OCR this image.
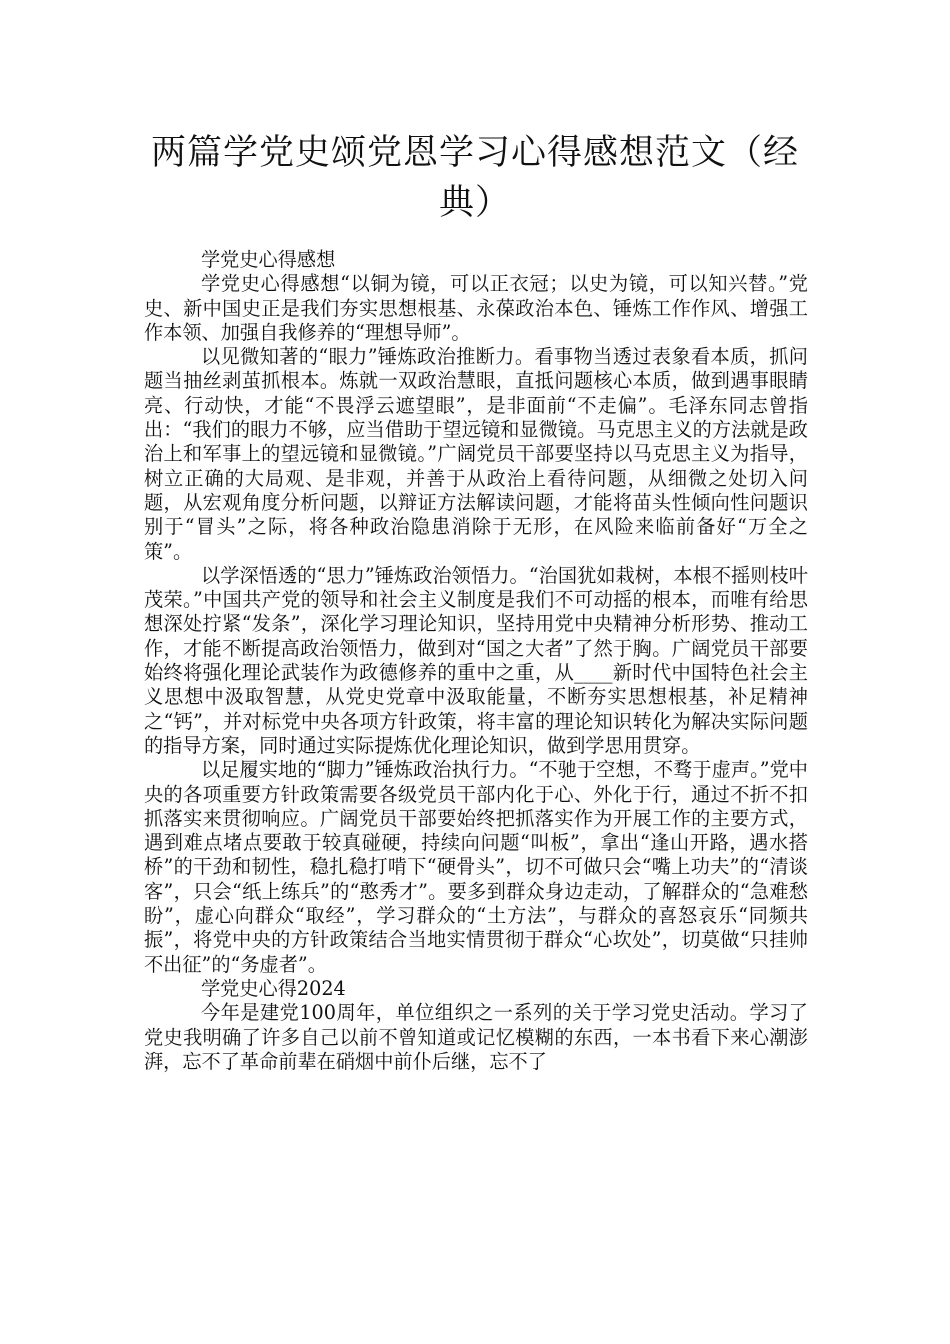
两篇学党史颂党恩学习心得感想范文（经典）

学党史心得感想

学党史心得感想“以铜为镜，可以正衣冠；以史为镜，可以知兴替。”党史、新中国史正是我们夯实思想根基、永葆政治本色、锤炼工作作风、增强工作本领、加强自我修养的“理想导师”。

以见微知著的“眼力”锤炼政治推断力。看事物当透过表象看本质，抓问题当抽丝剥茧抓根本。炼就一双政治慧眼，直抵问题核心本质，做到遇事眼睛亮、行动快，才能“不畏浮云遮望眼”，是非面前“不走偏”。毛泽东同志曾指出：“我们的眼力不够，应当借助于望远镜和显微镜。马克思主义的方法就是政治上和军事上的望远镜和显微镜。”广阔党员干部要坚持以马克思主义为指导，树立正确的大局观、是非观，并善于从政治上看待问题，从细微之处切入问题，从宏观角度分析问题，以辩证方法解读问题，才能将苗头性倾向性问题识别于“冒头”之际，将各种政治隐患消除于无形，在风险来临前备好“万全之策”。

以学深悟透的“思力”锤炼政治领悟力。“治国犹如栽树，本根不摇则枝叶茂荣。”中国共产党的领导和社会主义制度是我们不可动摇的根本，而唯有给思想深处拧紧“发条”，深化学习理论知识，坚持用党中央精神分析形势、推动工作，才能不断提高政治领悟力，做到对“国之大者”了然于胸。广阔党员干部要始终将强化理论武装作为政德修养的重中之重，从____新时代中国特色社会主义思想中汲取智慧，从党史党章中汲取能量，不断夯实思想根基，补足精神之“钙”，并对标党中央各项方针政策，将丰富的理论知识转化为解决实际问题的指导方案，同时通过实际提炼优化理论知识，做到学思用贯穿。

以足履实地的“脚力”锤炼政治执行力。“不驰于空想，不骛于虚声。”党中央的各项重要方针政策需要各级党员干部内化于心、外化于行，通过不折不扣抓落实来贯彻响应。广阔党员干部要始终把抓落实作为开展工作的主要方式，遇到难点堵点要敢于较真碰硬，持续向问题“叫板”，拿出“逢山开路，遇水搭桥”的干劲和韧性，稳扎稳打啃下“硬骨头”，切不可做只会“嘴上功夫”的“清谈客”，只会“纸上练兵”的“憨秀才”。要多到群众身边走动，了解群众的“急难愁盼”，虚心向群众“取经”，学习群众的“土方法”，与群众的喜怒哀乐“同频共振”，将党中央的方针政策结合当地实情贯彻于群众“心坎处”，切莫做“只挂帅不出征”的“务虚者”。

学党史心得2024

今年是建党100周年，单位组织之一系列的关于学习党史活动。学习了党史我明确了许多自己以前不曾知道或记忆模糊的东西，一本书看下来心潮澎湃，忘不了革命前辈在硝烟中前仆后继，忘不了
